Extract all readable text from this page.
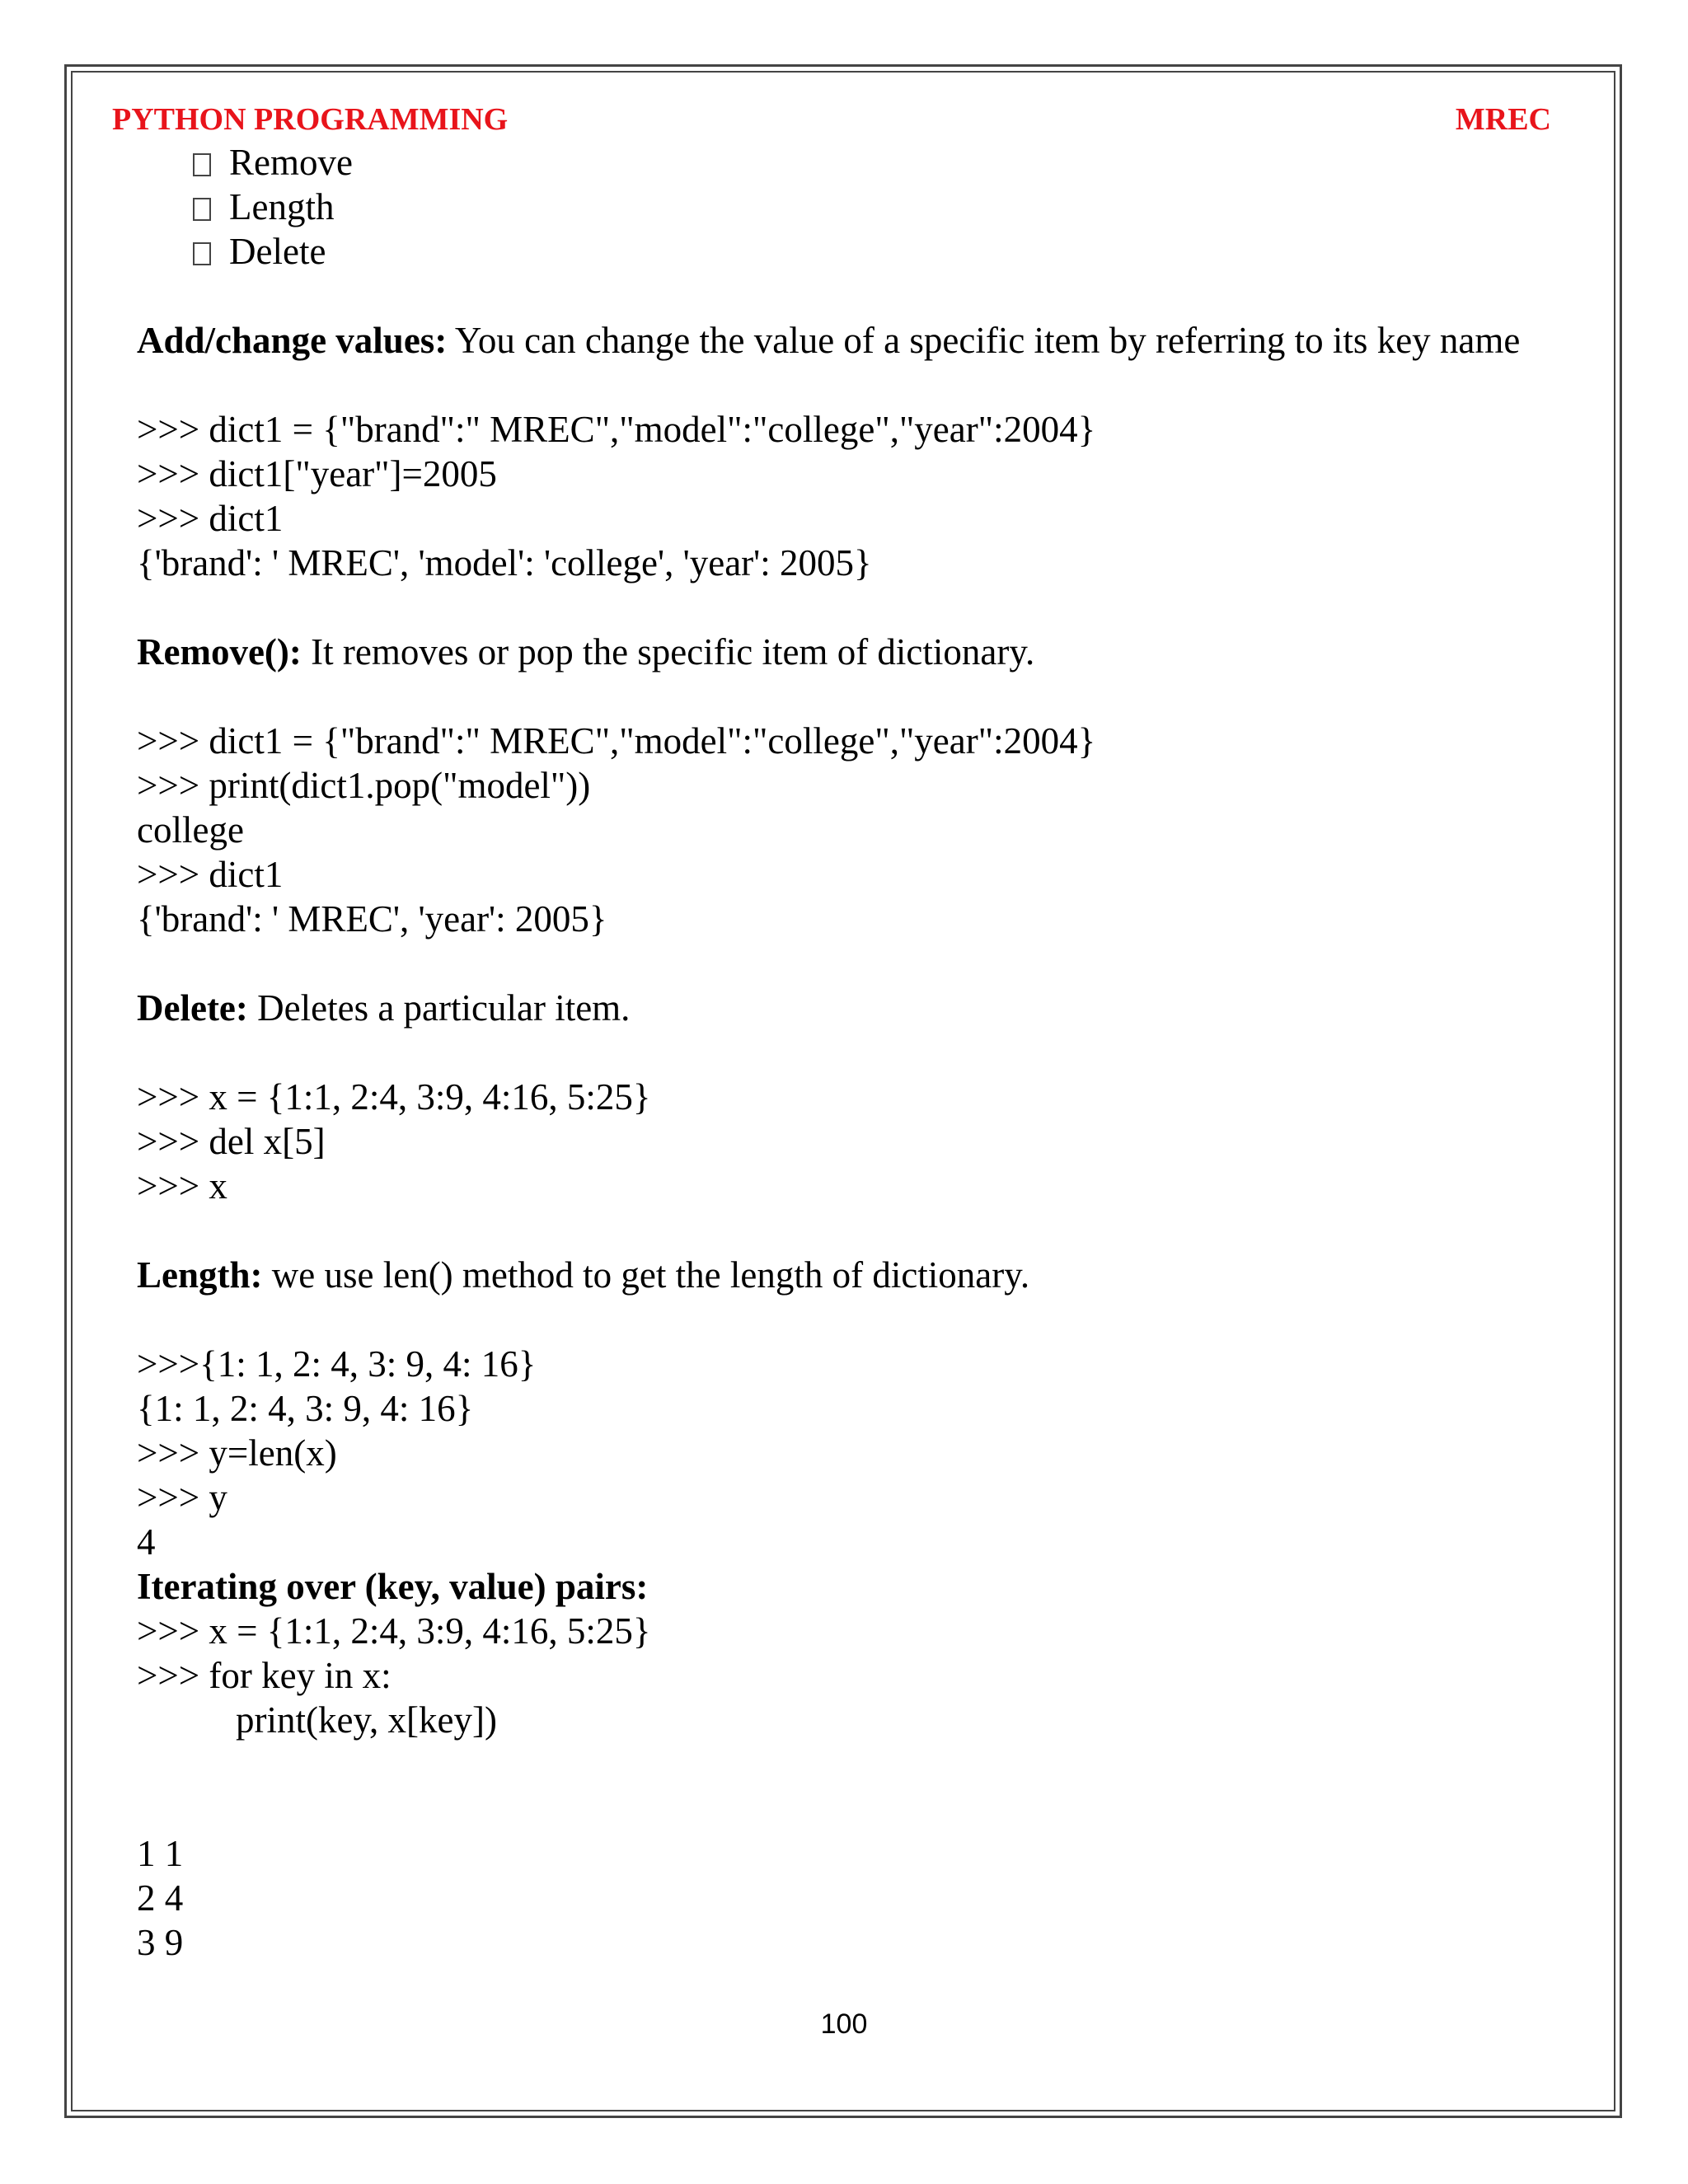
PYTHON PROGRAMMING	MREC
Remove
Length
Delete
Add/change values: You can change the value of a specific item by referring to its key name
>>> dict1 = {"brand":" MREC","model":"college","year":2004}
>>> dict1["year"]=2005
>>> dict1
{'brand': ' MREC', 'model': 'college', 'year': 2005}
Remove(): It removes or pop the specific item of dictionary.
>>> dict1 = {"brand":" MREC","model":"college","year":2004}
>>> print(dict1.pop("model"))
college
>>> dict1
{'brand': ' MREC', 'year': 2005}
Delete: Deletes a particular item.
>>> x = {1:1, 2:4, 3:9, 4:16, 5:25}
>>> del x[5]
>>> x
Length: we use len() method to get the length of dictionary.
>>>{1: 1, 2: 4, 3: 9, 4: 16}
{1: 1, 2: 4, 3: 9, 4: 16}
>>> y=len(x)
>>> y
4
Iterating over (key, value) pairs:
>>> x = {1:1, 2:4, 3:9, 4:16, 5:25}
>>> for key in x:
print(key, x[key])
1 1
2 4
3 9
100
